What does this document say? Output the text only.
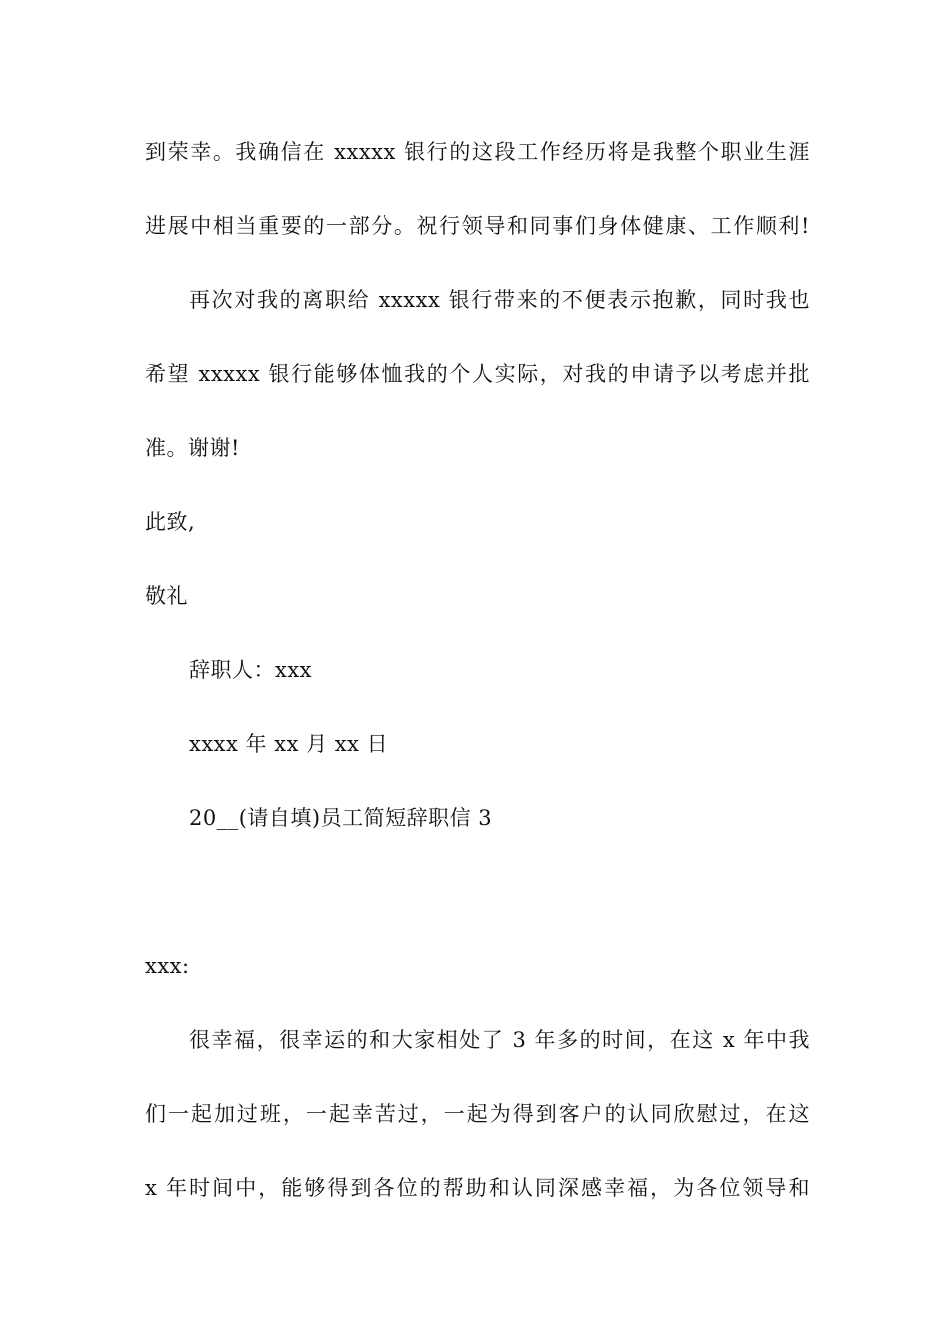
到荣幸。我确信在 xxxxx 银行的这段工作经历将是我整个职业生涯
进展中相当重要的一部分。祝行领导和同事们身体健康、工作顺利!
再次对我的离职给 xxxxx 银行带来的不便表示抱歉，同时我也
希望 xxxxx 银行能够体恤我的个人实际，对我的申请予以考虑并批
准。谢谢!
此致,
敬礼
辞职人：xxx
xxxx 年 xx 月 xx 日
20__(请自填)员工简短辞职信 3
xxx:
很幸福，很幸运的和大家相处了 3 年多的时间，在这 x 年中我
们一起加过班，一起幸苦过，一起为得到客户的认同欣慰过，在这
x 年时间中，能够得到各位的帮助和认同深感幸福，为各位领导和
